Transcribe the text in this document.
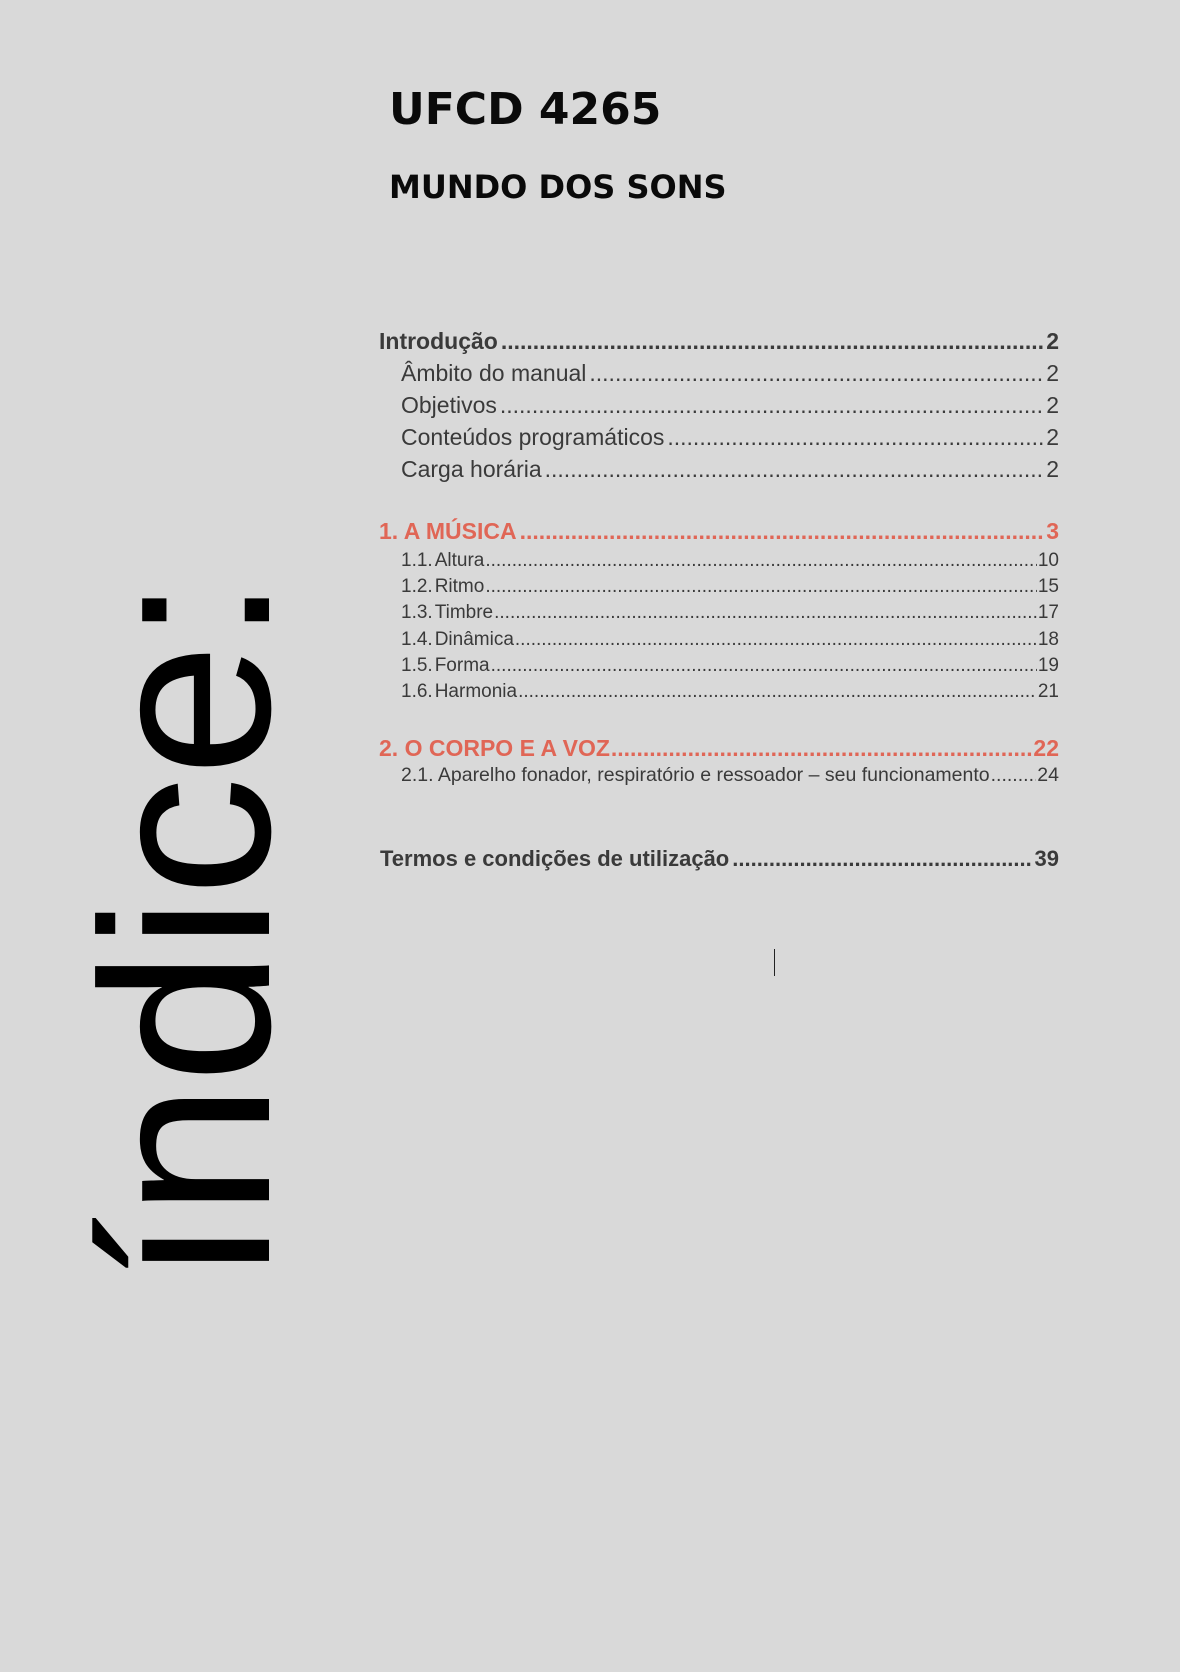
UFCD 4265
MUNDO DOS SONS
índice:
Introdução .....	2
Âmbito do manual .....	2
Objetivos .....	2
Conteúdos programáticos .....	2
Carga horária .....	2
1. A MÚSICA .....	3
1.1. Altura .....	10
1.2. Ritmo .....	15
1.3. Timbre .....	17
1.4. Dinâmica .....	18
1.5. Forma .....	19
1.6. Harmonia .....	21
2. O CORPO E A VOZ .....	22
2.1. Aparelho fonador, respiratório e ressoador – seu funcionamento ..... 24
Termos e condições de utilização .....	39
